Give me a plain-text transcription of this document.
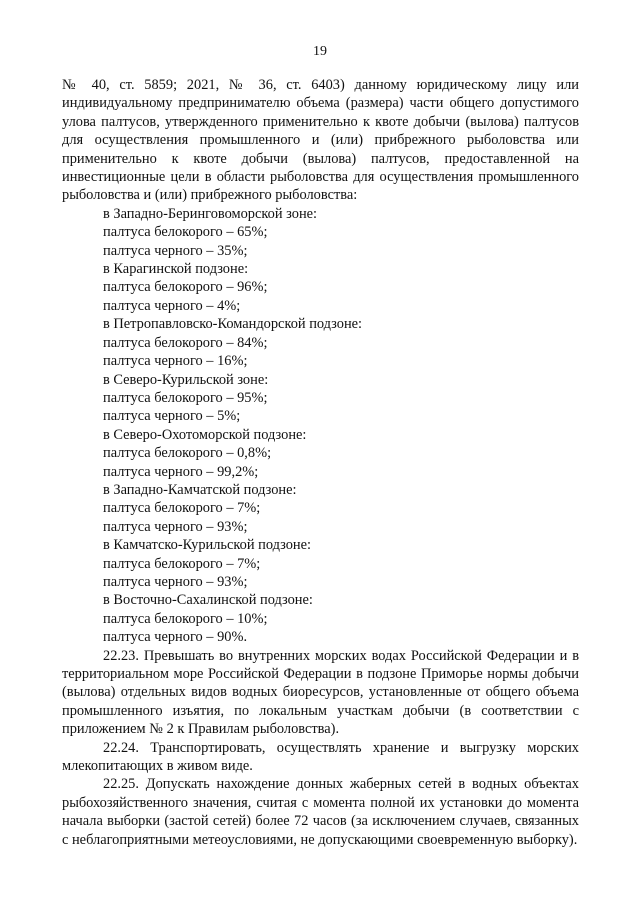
19

№ 40, ст. 5859; 2021, № 36, ст. 6403) данному юридическому лицу или индивидуальному предпринимателю объема (размера) части общего допустимого улова палтусов, утвержденного применительно к квоте добычи (вылова) палтусов для осуществления промышленного и (или) прибрежного рыболовства или применительно к квоте добычи (вылова) палтусов, предоставленной на инвестиционные цели в области рыболовства для осуществления промышленного рыболовства и (или) прибрежного рыболовства:

в Западно-Беринговоморской зоне:

палтуса белокорого – 65%;

палтуса черного – 35%;

в Карагинской подзоне:

палтуса белокорого – 96%;

палтуса черного – 4%;

в Петропавловско-Командорской подзоне:

палтуса белокорого – 84%;

палтуса черного – 16%;

в Северо-Курильской зоне:

палтуса белокорого – 95%;

палтуса черного – 5%;

в Северо-Охотоморской подзоне:

палтуса белокорого – 0,8%;

палтуса черного – 99,2%;

в Западно-Камчатской подзоне:

палтуса белокорого – 7%;

палтуса черного – 93%;

в Камчатско-Курильской подзоне:

палтуса белокорого – 7%;

палтуса черного – 93%;

в Восточно-Сахалинской подзоне:

палтуса белокорого – 10%;

палтуса черного – 90%.

22.23. Превышать во внутренних морских водах Российской Федерации и в территориальном море Российской Федерации в подзоне Приморье нормы добычи (вылова) отдельных видов водных биоресурсов, установленные от общего объема промышленного изъятия, по локальным участкам добычи (в соответствии с приложением № 2 к Правилам рыболовства).

22.24. Транспортировать, осуществлять хранение и выгрузку морских млекопитающих в живом виде.

22.25. Допускать нахождение донных жаберных сетей в водных объектах рыбохозяйственного значения, считая с момента полной их установки до момента начала выборки (застой сетей) более 72 часов (за исключением случаев, связанных с неблагоприятными метеоусловиями, не допускающими своевременную выборку).
